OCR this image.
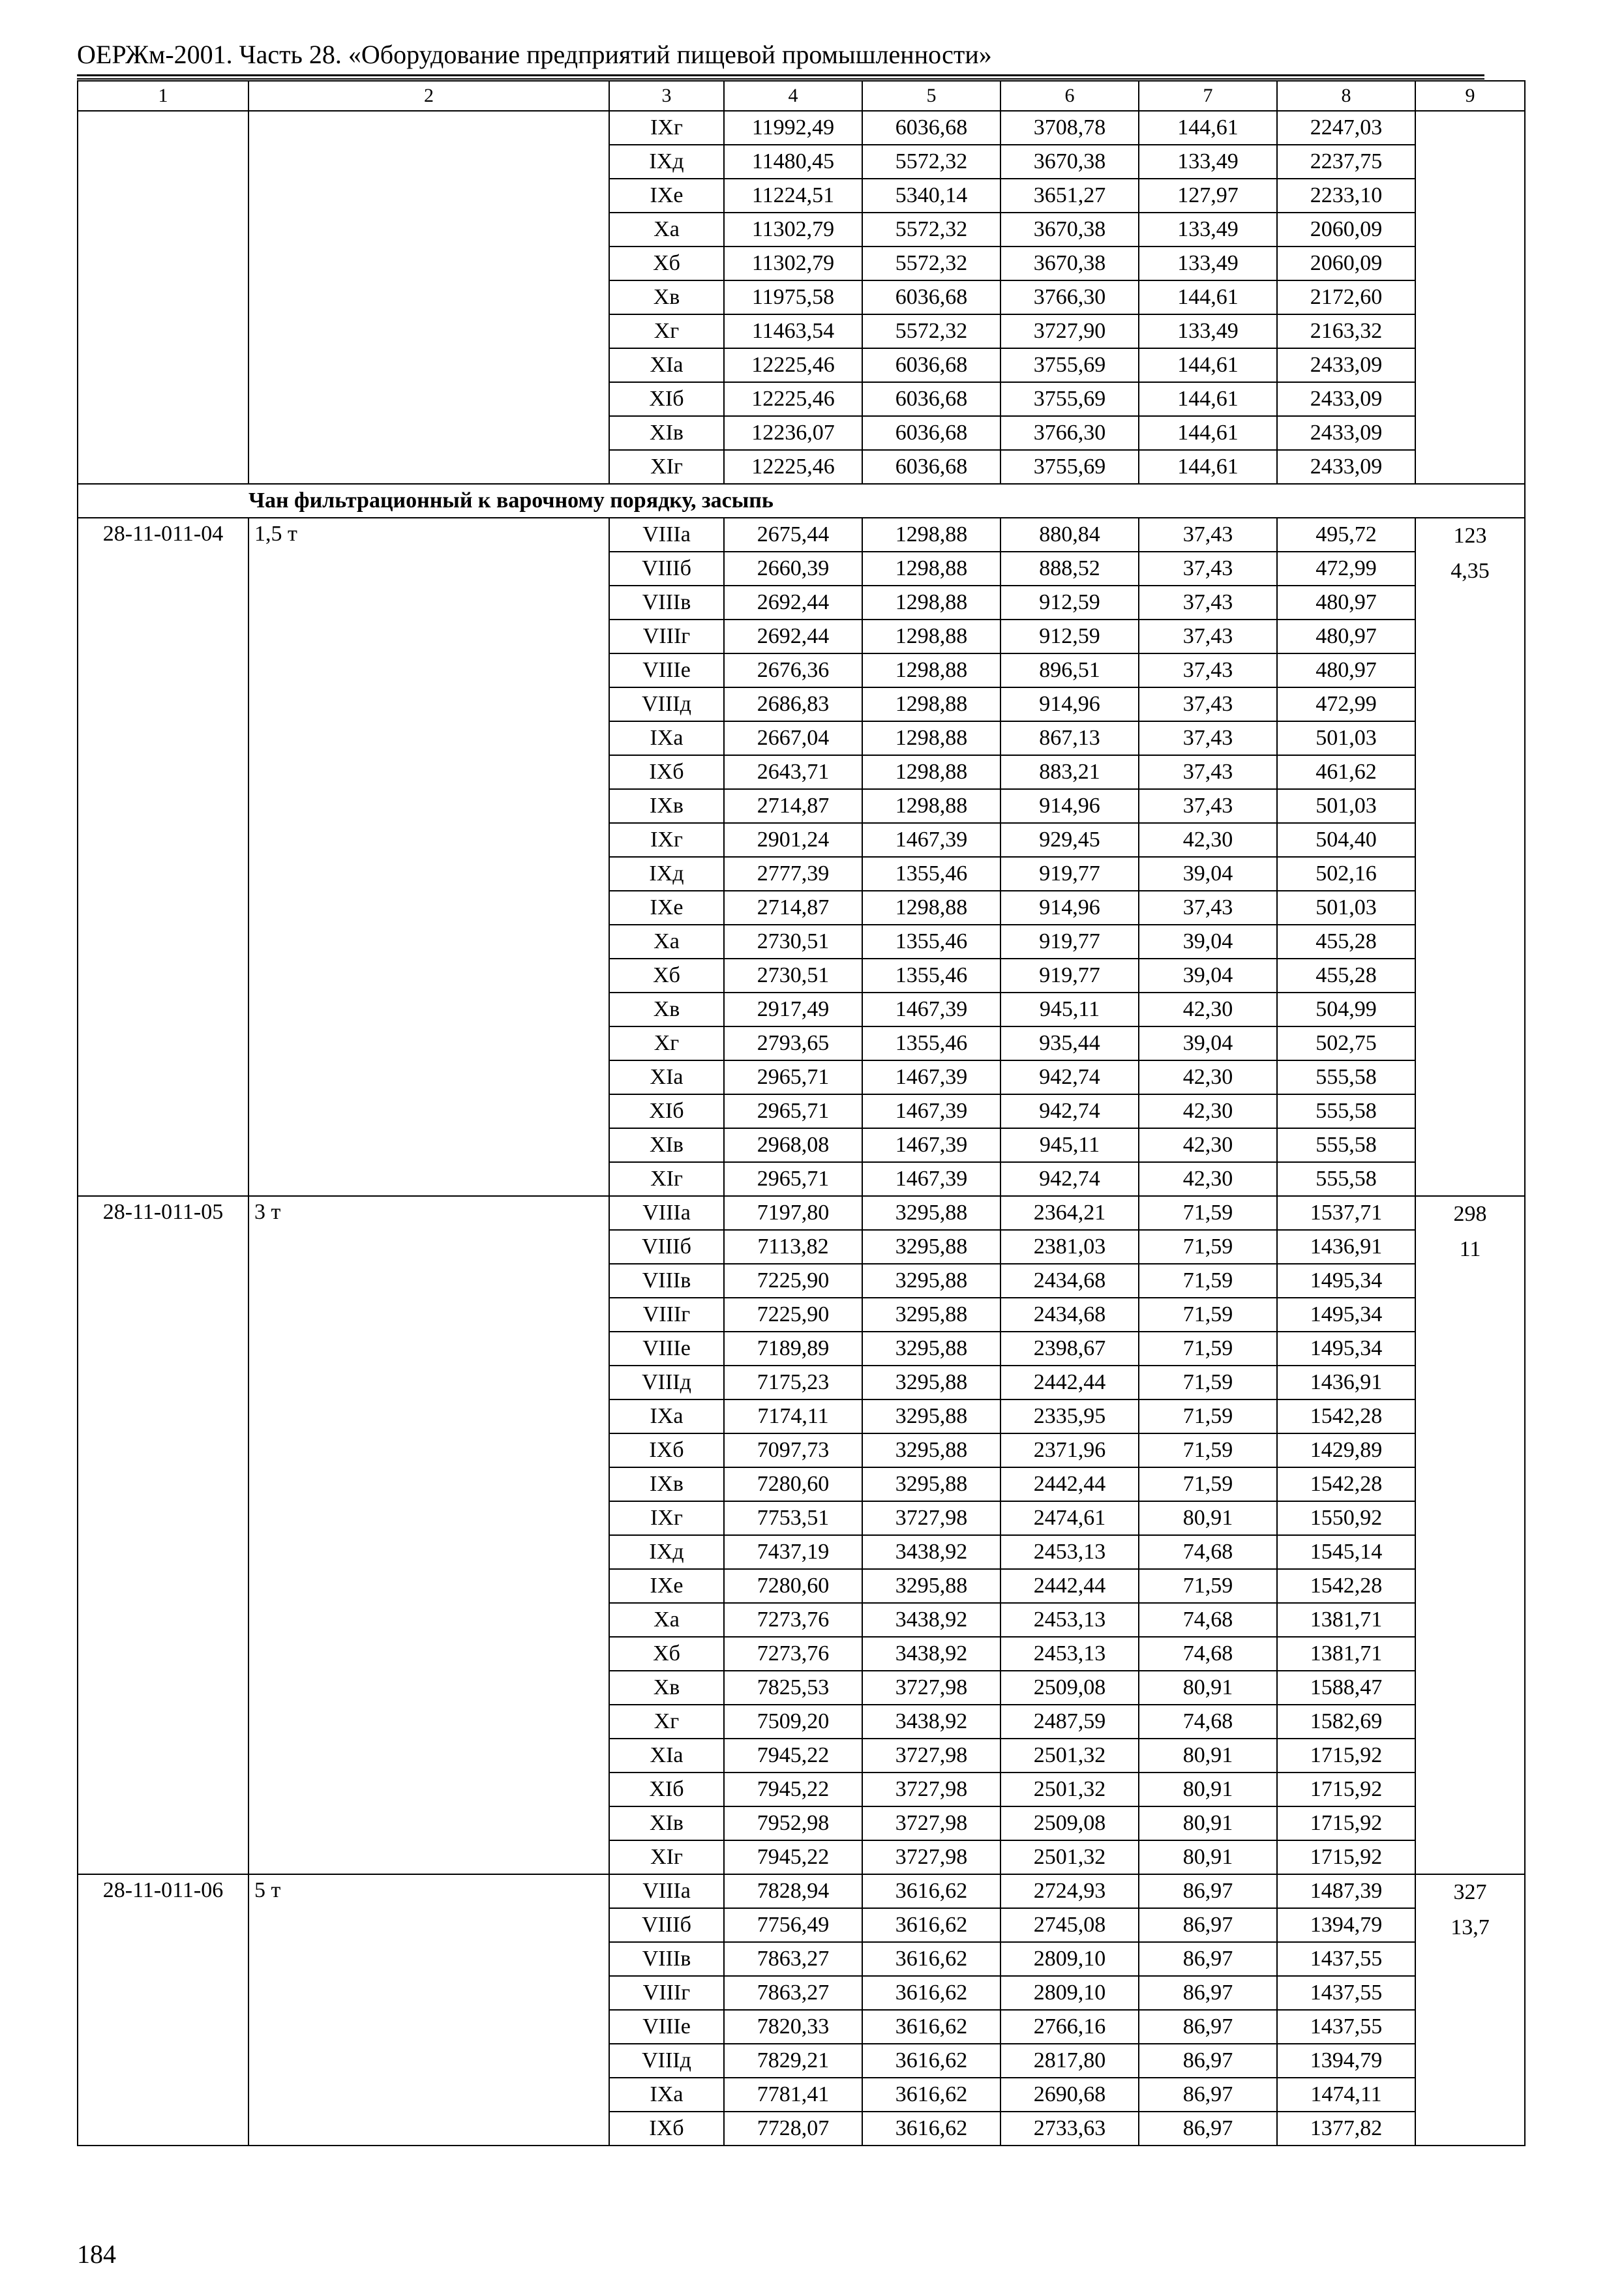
ОЕРЖм-2001. Часть 28. «Оборудование предприятий пищевой промышленности»
1	2	3	4	5	6	7	8	9
		IXг	11992,49	6036,68	3708,78	144,61	2247,03	
		IXд	11480,45	5572,32	3670,38	133,49	2237,75	
		IXе	11224,51	5340,14	3651,27	127,97	2233,10	
		Xa	11302,79	5572,32	3670,38	133,49	2060,09	
		Xб	11302,79	5572,32	3670,38	133,49	2060,09	
		Xв	11975,58	6036,68	3766,30	144,61	2172,60	
		Xг	11463,54	5572,32	3727,90	133,49	2163,32	
		XIa	12225,46	6036,68	3755,69	144,61	2433,09	
		XIб	12225,46	6036,68	3755,69	144,61	2433,09	
		XIв	12236,07	6036,68	3766,30	144,61	2433,09	
		XIг	12225,46	6036,68	3755,69	144,61	2433,09	
	Чан фильтрационный к варочному порядку, засыпь							
28-11-011-04	1,5 т	VIIIa	2675,44	1298,88	880,84	37,43	495,72	123
4,35

		VIIIб	2660,39	1298,88	888,52	37,43	472,99	
		VIIIв	2692,44	1298,88	912,59	37,43	480,97	
		VIIIг	2692,44	1298,88	912,59	37,43	480,97	
		VIIIе	2676,36	1298,88	896,51	37,43	480,97	
		VIIIд	2686,83	1298,88	914,96	37,43	472,99	
		IXa	2667,04	1298,88	867,13	37,43	501,03	
		IXб	2643,71	1298,88	883,21	37,43	461,62	
		IXв	2714,87	1298,88	914,96	37,43	501,03	
		IXг	2901,24	1467,39	929,45	42,30	504,40	
		IXд	2777,39	1355,46	919,77	39,04	502,16	
		IXе	2714,87	1298,88	914,96	37,43	501,03	
		Xa	2730,51	1355,46	919,77	39,04	455,28	
		Xб	2730,51	1355,46	919,77	39,04	455,28	
		Xв	2917,49	1467,39	945,11	42,30	504,99	
		Xг	2793,65	1355,46	935,44	39,04	502,75	
		XIa	2965,71	1467,39	942,74	42,30	555,58	
		XIб	2965,71	1467,39	942,74	42,30	555,58	
		XIв	2968,08	1467,39	945,11	42,30	555,58	
		XIг	2965,71	1467,39	942,74	42,30	555,58	
28-11-011-05	3 т	VIIIa	7197,80	3295,88	2364,21	71,59	1537,71	298
11

		VIIIб	7113,82	3295,88	2381,03	71,59	1436,91	
		VIIIв	7225,90	3295,88	2434,68	71,59	1495,34	
		VIIIг	7225,90	3295,88	2434,68	71,59	1495,34	
		VIIIе	7189,89	3295,88	2398,67	71,59	1495,34	
		VIIIд	7175,23	3295,88	2442,44	71,59	1436,91	
		IXa	7174,11	3295,88	2335,95	71,59	1542,28	
		IXб	7097,73	3295,88	2371,96	71,59	1429,89	
		IXв	7280,60	3295,88	2442,44	71,59	1542,28	
		IXг	7753,51	3727,98	2474,61	80,91	1550,92	
		IXд	7437,19	3438,92	2453,13	74,68	1545,14	
		IXе	7280,60	3295,88	2442,44	71,59	1542,28	
		Xa	7273,76	3438,92	2453,13	74,68	1381,71	
		Xб	7273,76	3438,92	2453,13	74,68	1381,71	
		Xв	7825,53	3727,98	2509,08	80,91	1588,47	
		Xг	7509,20	3438,92	2487,59	74,68	1582,69	
		XIa	7945,22	3727,98	2501,32	80,91	1715,92	
		XIб	7945,22	3727,98	2501,32	80,91	1715,92	
		XIв	7952,98	3727,98	2509,08	80,91	1715,92	
		XIг	7945,22	3727,98	2501,32	80,91	1715,92	
28-11-011-06	5 т	VIIIa	7828,94	3616,62	2724,93	86,97	1487,39	327
13,7

		VIIIб	7756,49	3616,62	2745,08	86,97	1394,79	
		VIIIв	7863,27	3616,62	2809,10	86,97	1437,55	
		VIIIг	7863,27	3616,62	2809,10	86,97	1437,55	
		VIIIе	7820,33	3616,62	2766,16	86,97	1437,55	
		VIIIд	7829,21	3616,62	2817,80	86,97	1394,79	
		IXa	7781,41	3616,62	2690,68	86,97	1474,11	
		IXб	7728,07	3616,62	2733,63	86,97	1377,82	
184
